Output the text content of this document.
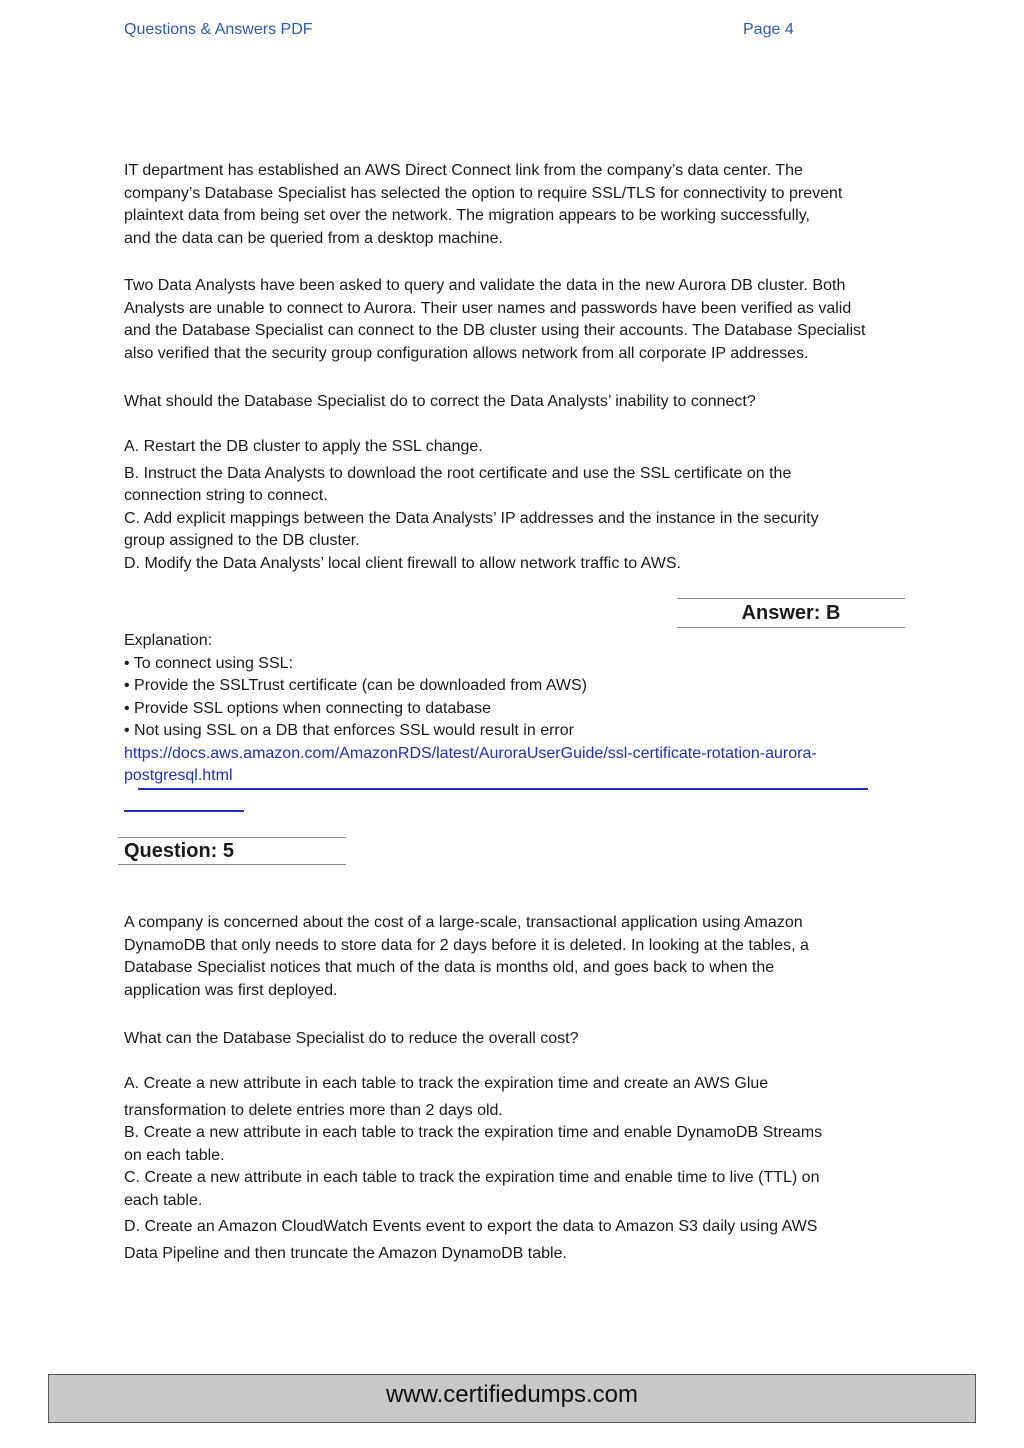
Questions & Answers PDF	Page 4

IT department has established an AWS Direct Connect link from the company’s data center. The

company’s Database Specialist has selected the option to require SSL/TLS for connectivity to prevent

plaintext data from being set over the network. The migration appears to be working successfully,

and the data can be queried from a desktop machine.

Two Data Analysts have been asked to query and validate the data in the new Aurora DB cluster. Both

Analysts are unable to connect to Aurora. Their user names and passwords have been verified as valid

and the Database Specialist can connect to the DB cluster using their accounts. The Database Specialist

also verified that the security group configuration allows network from all corporate IP addresses.

What should the Database Specialist do to correct the Data Analysts’ inability to connect?

A. Restart the DB cluster to apply the SSL change.

B. Instruct the Data Analysts to download the root certificate and use the SSL certificate on the

connection string to connect.

C. Add explicit mappings between the Data Analysts’ IP addresses and the instance in the security

group assigned to the DB cluster.

D. Modify the Data Analysts’ local client firewall to allow network traffic to AWS.

Answer: B

Explanation:

• To connect using SSL:

• Provide the SSLTrust certificate (can be downloaded from AWS)

• Provide SSL options when connecting to database

• Not using SSL on a DB that enforces SSL would result in error

https://docs.aws.amazon.com/AmazonRDS/latest/AuroraUserGuide/ssl-certificate-rotation-aurora-

postgresql.html

Question: 5

A company is concerned about the cost of a large-scale, transactional application using Amazon

DynamoDB that only needs to store data for 2 days before it is deleted. In looking at the tables, a

Database Specialist notices that much of the data is months old, and goes back to when the

application was first deployed.

What can the Database Specialist do to reduce the overall cost?

A. Create a new attribute in each table to track the expiration time and create an AWS Glue

transformation to delete entries more than 2 days old.

B. Create a new attribute in each table to track the expiration time and enable DynamoDB Streams

on each table.

C. Create a new attribute in each table to track the expiration time and enable time to live (TTL) on

each table.

D. Create an Amazon CloudWatch Events event to export the data to Amazon S3 daily using AWS

Data Pipeline and then truncate the Amazon DynamoDB table.

www.certifiedumps.com
